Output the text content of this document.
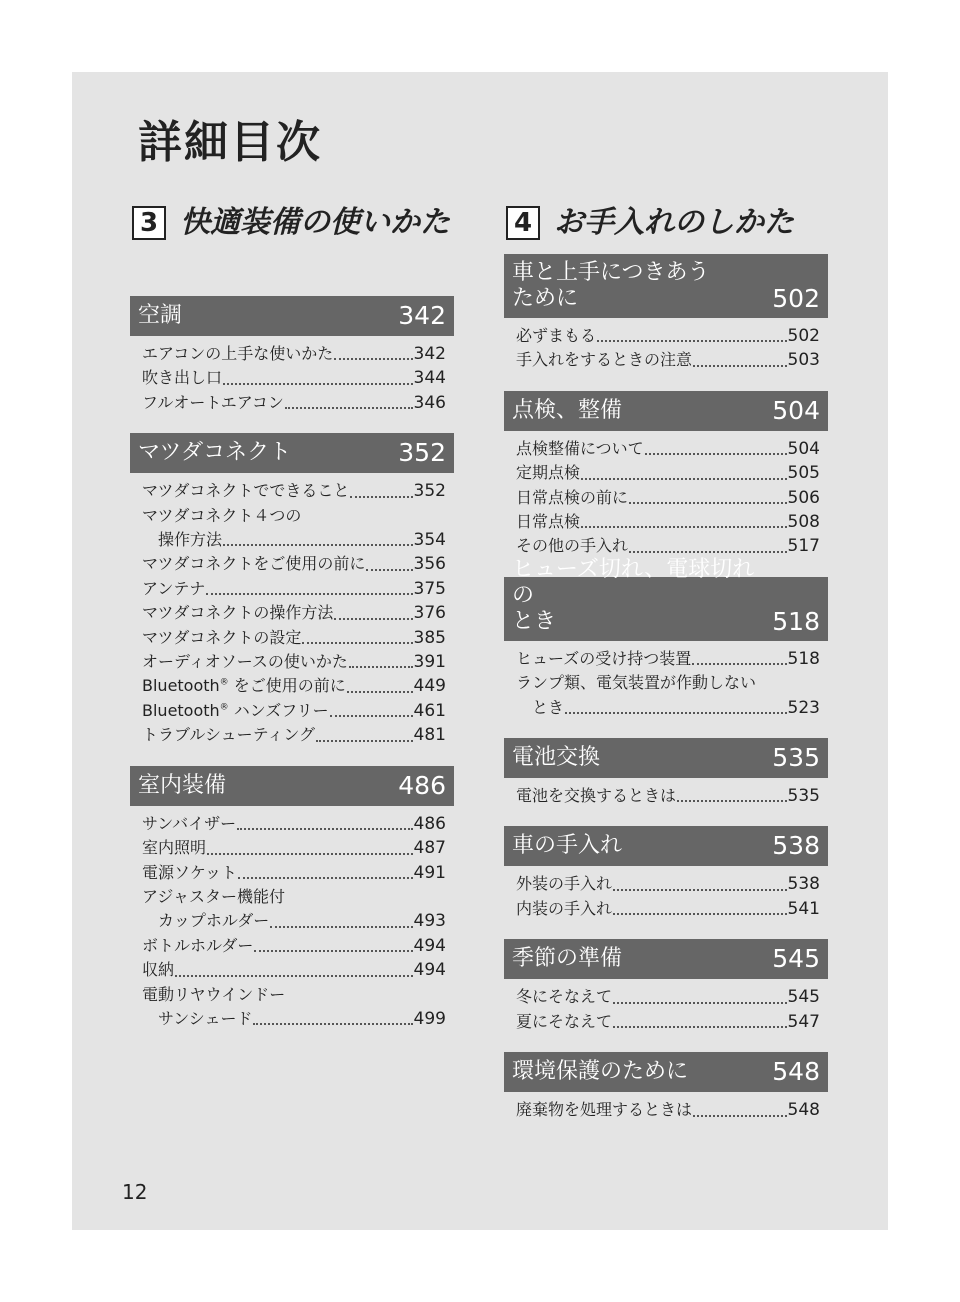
詳細目次
3 快適装備の使いかた
空調	342
エアコンの上手な使いかた	342
吹き出し口	344
フルオートエアコン	346
マツダコネクト	352
マツダコネクトでできること	352
マツダコネクト４つの
操作方法	354
マツダコネクトをご使用の前に	356
アンテナ	375
マツダコネクトの操作方法	376
マツダコネクトの設定	385
オーディオソースの使いかた	391
Bluetooth® をご使用の前に	449
Bluetooth® ハンズフリー	461
トラブルシューティング	481
室内装備	486
サンバイザー	486
室内照明	487
電源ソケット	491
アジャスター機能付
カップホルダー	493
ボトルホルダー	494
収納	494
電動リヤウインドー
サンシェード	499
4 お手入れのしかた
車と上手につきあう
ために	502
必ずまもる	502
手入れをするときの注意	503
点検、整備	504
点検整備について	504
定期点検	505
日常点検の前に	506
日常点検	508
その他の手入れ	517
ヒューズ切れ、電球切れの
とき	518
ヒューズの受け持つ装置	518
ランプ類、電気装置が作動しない
とき	523
電池交換	535
電池を交換するときは	535
車の手入れ	538
外装の手入れ	538
内装の手入れ	541
季節の準備	545
冬にそなえて	545
夏にそなえて	547
環境保護のために	548
廃棄物を処理するときは	548
12
